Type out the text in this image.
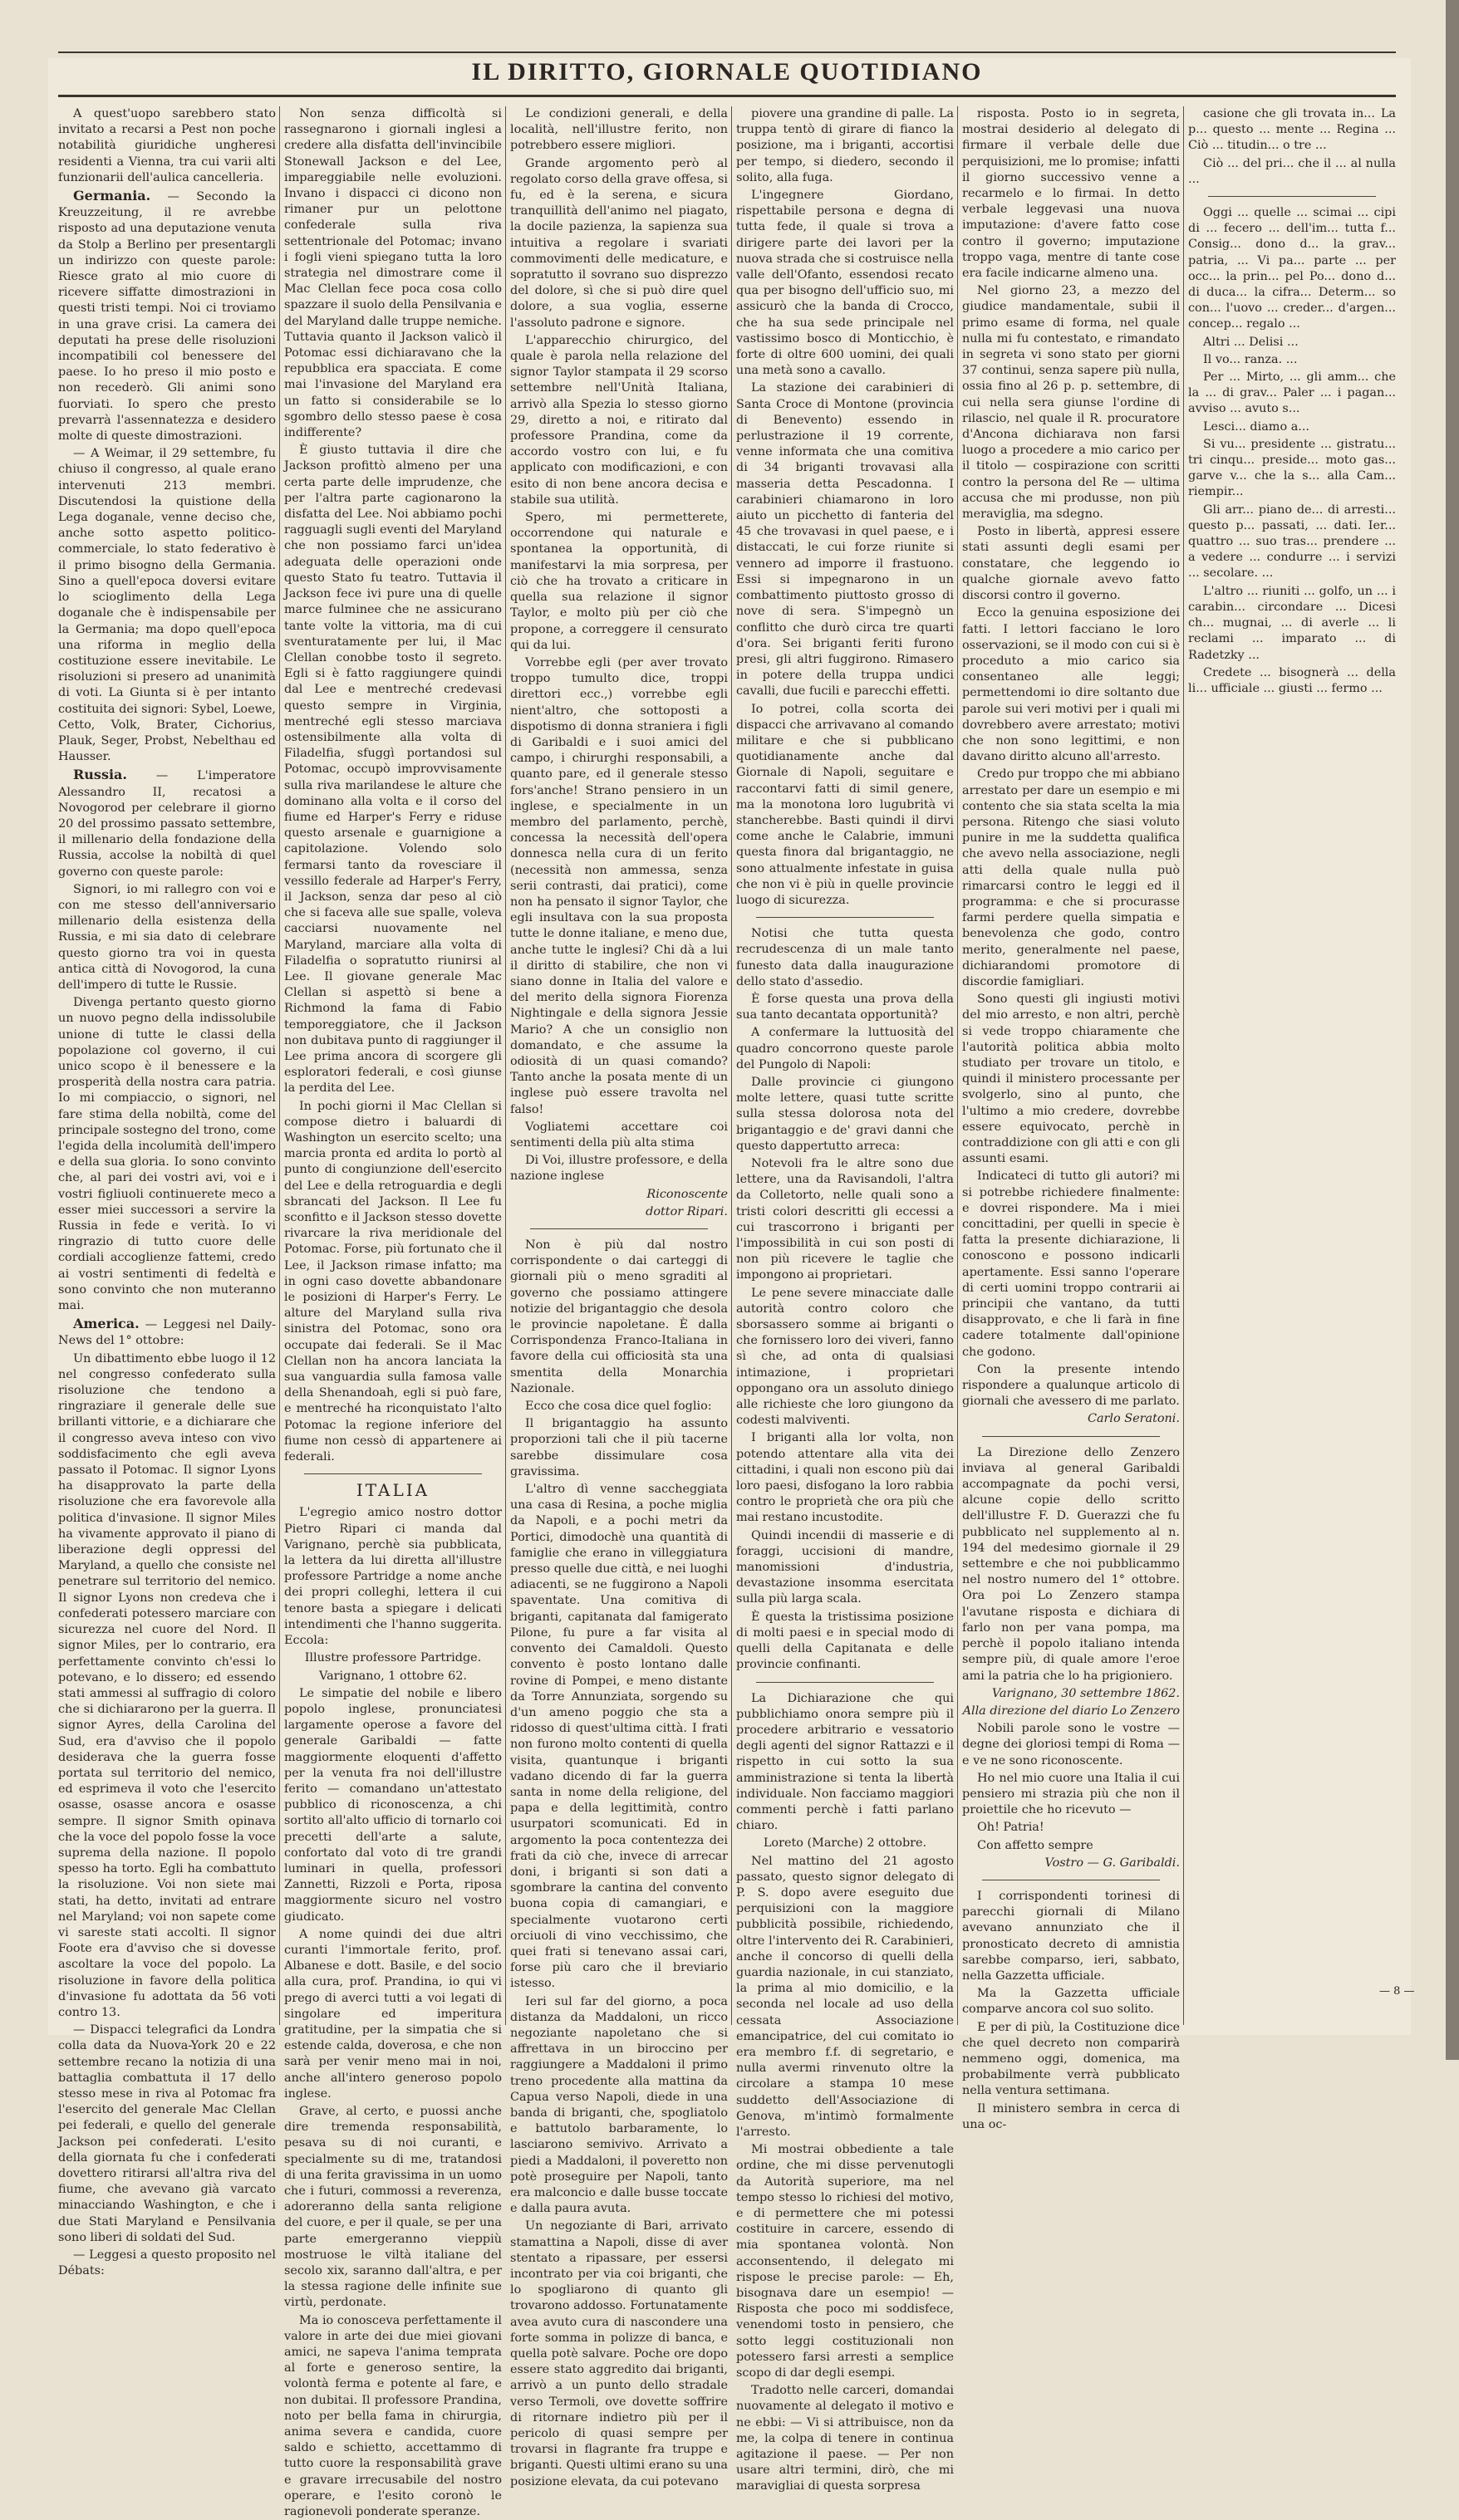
IL DIRITTO, GIORNALE QUOTIDIANO

A quest'uopo sarebbero stato invitato a recarsi a Pest non poche notabilità giuridiche ungheresi residenti a Vienna, tra cui varii alti funzionarii dell'aulica cancelleria.

Germania. — Secondo la Kreuzzeitung, il re avrebbe risposto ad una deputazione venuta da Stolp a Berlino per presentargli un indirizzo con queste parole: Riesce grato al mio cuore di ricevere siffatte dimostrazioni in questi tristi tempi. Noi ci troviamo in una grave crisi. La camera dei deputati ha prese delle risoluzioni incompatibili col benessere del paese. Io ho preso il mio posto e non recederò. Gli animi sono fuorviati. Io spero che presto prevarrà l'assennatezza e desidero molte di queste dimostrazioni.

— A Weimar, il 29 settembre, fu chiuso il congresso, al quale erano intervenuti 213 membri. Discutendosi la quistione della Lega doganale, venne deciso che, anche sotto aspetto politico-commerciale, lo stato federativo è il primo bisogno della Germania. Sino a quell'epoca doversi evitare lo scioglimento della Lega doganale che è indispensabile per la Germania; ma dopo quell'epoca una riforma in meglio della costituzione essere inevitabile. Le risoluzioni si presero ad unanimità di voti. La Giunta si è per intanto costituita dei signori: Sybel, Loewe, Cetto, Volk, Brater, Cichorius, Plauk, Seger, Probst, Nebelthau ed Hausser.

Russia. — L'imperatore Alessandro II, recatosi a Novogorod per celebrare il giorno 20 del prossimo passato settembre, il millenario della fondazione della Russia, accolse la nobiltà di quel governo con queste parole:

Signori, io mi rallegro con voi e con me stesso dell'anniversario millenario della esistenza della Russia, e mi sia dato di celebrare questo giorno tra voi in questa antica città di Novogorod, la cuna dell'impero di tutte le Russie.

Divenga pertanto questo giorno un nuovo pegno della indissolubile unione di tutte le classi della popolazione col governo, il cui unico scopo è il benessere e la prosperità della nostra cara patria. Io mi compiaccio, o signori, nel fare stima della nobiltà, come del principale sostegno del trono, come l'egida della incolumità dell'impero e della sua gloria. Io sono convinto che, al pari dei vostri avi, voi e i vostri figliuoli continuerete meco a esser miei successori a servire la Russia in fede e verità. Io vi ringrazio di tutto cuore delle cordiali accoglienze fattemi, credo ai vostri sentimenti di fedeltà e sono convinto che non muteranno mai.

America. — Leggesi nel Daily-News del 1° ottobre:

Un dibattimento ebbe luogo il 12 nel congresso confederato sulla risoluzione che tendono a ringraziare il generale delle sue brillanti vittorie, e a dichiarare che il congresso aveva inteso con vivo soddisfacimento che egli aveva passato il Potomac. Il signor Lyons ha disapprovato la parte della risoluzione che era favorevole alla politica d'invasione. Il signor Miles ha vivamente approvato il piano di liberazione degli oppressi del Maryland, a quello che consiste nel penetrare sul territorio del nemico. Il signor Lyons non credeva che i confederati potessero marciare con sicurezza nel cuore del Nord. Il signor Miles, per lo contrario, era perfettamente convinto ch'essi lo potevano, e lo dissero; ed essendo stati ammessi al suffragio di coloro che si dichiararono per la guerra. Il signor Ayres, della Carolina del Sud, era d'avviso che il popolo desiderava che la guerra fosse portata sul territorio del nemico, ed esprimeva il voto che l'esercito osasse, osasse ancora e osasse sempre. Il signor Smith opinava che la voce del popolo fosse la voce suprema della nazione. Il popolo spesso ha torto. Egli ha combattuto la risoluzione. Voi non siete mai stati, ha detto, invitati ad entrare nel Maryland; voi non sapete come vi sareste stati accolti. Il signor Foote era d'avviso che si dovesse ascoltare la voce del popolo. La risoluzione in favore della politica d'invasione fu adottata da 56 voti contro 13.

— Dispacci telegrafici da Londra colla data da Nuova-York 20 e 22 settembre recano la notizia di una battaglia combattuta il 17 dello stesso mese in riva al Potomac fra l'esercito del generale Mac Clellan pei federali, e quello del generale Jackson pei confederati. L'esito della giornata fu che i confederati dovettero ritirarsi all'altra riva del fiume, che avevano già varcato minacciando Washington, e che i due Stati Maryland e Pensilvania sono liberi di soldati del Sud.

— Leggesi a questo proposito nel Débats:

Non senza difficoltà si rassegnarono i giornali inglesi a credere alla disfatta dell'invincibile Stonewall Jackson e del Lee, impareggiabile nelle evoluzioni. Invano i dispacci ci dicono non rimaner pur un pelottone confederale sulla riva settentrionale del Potomac; invano i fogli vieni spiegano tutta la loro strategia nel dimostrare come il Mac Clellan fece poca cosa collo spazzare il suolo della Pensilvania e del Maryland dalle truppe nemiche. Tuttavia quanto il Jackson valicò il Potomac essi dichiaravano che la repubblica era spacciata. E come mai l'invasione del Maryland era un fatto si considerabile se lo sgombro dello stesso paese è cosa indifferente?

È giusto tuttavia il dire che Jackson profittò almeno per una certa parte delle imprudenze, che per l'altra parte cagionarono la disfatta del Lee. Noi abbiamo pochi ragguagli sugli eventi del Maryland che non possiamo farci un'idea adeguata delle operazioni onde questo Stato fu teatro. Tuttavia il Jackson fece ivi pure una di quelle marce fulminee che ne assicurano tante volte la vittoria, ma di cui sventuratamente per lui, il Mac Clellan conobbe tosto il segreto. Egli si è fatto raggiungere quindi dal Lee e mentreché credevasi questo sempre in Virginia, mentreché egli stesso marciava ostensibilmente alla volta di Filadelfia, sfuggì portandosi sul Potomac, occupò improvvisamente sulla riva marilandese le alture che dominano alla volta e il corso del fiume ed Harper's Ferry e riduse questo arsenale e guarnigione a capitolazione. Volendo solo fermarsi tanto da rovesciare il vessillo federale ad Harper's Ferry, il Jackson, senza dar peso al ciò che si faceva alle sue spalle, voleva cacciarsi nuovamente nel Maryland, marciare alla volta di Filadelfia o sopratutto riunirsi al Lee. Il giovane generale Mac Clellan si aspettò si bene a Richmond la fama di Fabio temporeggiatore, che il Jackson non dubitava punto di raggiunger il Lee prima ancora di scorgere gli esploratori federali, e così giunse la perdita del Lee.

In pochi giorni il Mac Clellan si compose dietro i baluardi di Washington un esercito scelto; una marcia pronta ed ardita lo portò al punto di congiunzione dell'esercito del Lee e della retroguardia e degli sbrancati del Jackson. Il Lee fu sconfitto e il Jackson stesso dovette rivarcare la riva meridionale del Potomac. Forse, più fortunato che il Lee, il Jackson rimase infatto; ma in ogni caso dovette abbandonare le posizioni di Harper's Ferry. Le alture del Maryland sulla riva sinistra del Potomac, sono ora occupate dai federali. Se il Mac Clellan non ha ancora lanciata la sua vanguardia sulla famosa valle della Shenandoah, egli si può fare, e mentreché ha riconquistato l'alto Potomac la regione inferiore del fiume non cessò di appartenere ai federali.

ITALIA

L'egregio amico nostro dottor Pietro Ripari ci manda dal Varignano, perchè sia pubblicata, la lettera da lui diretta all'illustre professore Partridge a nome anche dei propri colleghi, lettera il cui tenore basta a spiegare i delicati intendimenti che l'hanno suggerita. Eccola:

Illustre professore Partridge.

Varignano, 1 ottobre 62.

Le simpatie del nobile e libero popolo inglese, pronunciatesi largamente operose a favore del generale Garibaldi — fatte maggiormente eloquenti d'affetto per la venuta fra noi dell'illustre ferito — comandano un'attestato pubblico di riconoscenza, a chi sortito all'alto ufficio di tornarlo coi precetti dell'arte a salute, confortato dal voto di tre grandi luminari in quella, professori Zannetti, Rizzoli e Porta, riposa maggiormente sicuro nel vostro giudicato.

A nome quindi dei due altri curanti l'immortale ferito, prof. Albanese e dott. Basile, e del socio alla cura, prof. Prandina, io qui vi prego di averci tutti a voi legati di singolare ed imperitura gratitudine, per la simpatia che si estende calda, doverosa, e che non sarà per venir meno mai in noi, anche all'intero generoso popolo inglese.

Grave, al certo, e puossi anche dire tremenda responsabilità, pesava su di noi curanti, e specialmente su di me, tratandosi di una ferita gravissima in un uomo che i futuri, commossi a reverenza, adoreranno della santa religione del cuore, e per il quale, se per una parte emergeranno vieppiù mostruose le viltà italiane del secolo xix, saranno dall'altra, e per la stessa ragione delle infinite sue virtù, perdonate.

Ma io conosceva perfettamente il valore in arte dei due miei giovani amici, ne sapeva l'anima temprata al forte e generoso sentire, la volontà ferma e potente al fare, e non dubitai. Il professore Prandina, noto per bella fama in chirurgia, anima severa e candida, cuore saldo e schietto, accettammo di tutto cuore la responsabilità grave e gravare irrecusabile del nostro operare, e l'esito coronò le ragionevoli ponderate speranze.

Le condizioni generali, e della località, nell'illustre ferito, non potrebbero essere migliori.

Grande argomento però al regolato corso della grave offesa, si fu, ed è la serena, e sicura tranquillità dell'animo nel piagato, la docile pazienza, la sapienza sua intuitiva a regolare i svariati commovimenti delle medicature, e sopratutto il sovrano suo disprezzo del dolore, sì che si può dire quel dolore, a sua voglia, esserne l'assoluto padrone e signore.

L'apparecchio chirurgico, del quale è parola nella relazione del signor Taylor stampata il 29 scorso settembre nell'Unità Italiana, arrivò alla Spezia lo stesso giorno 29, diretto a noi, e ritirato dal professore Prandina, come da accordo vostro con lui, e fu applicato con modificazioni, e con esito di non bene ancora decisa e stabile sua utilità.

Spero, mi permetterete, occorrendone qui naturale e spontanea la opportunità, di manifestarvi la mia sorpresa, per ciò che ha trovato a criticare in quella sua relazione il signor Taylor, e molto più per ciò che propone, a correggere il censurato qui da lui.

Vorrebbe egli (per aver trovato troppo tumulto dice, troppi direttori ecc.,) vorrebbe egli nient'altro, che sottoposti a dispotismo di donna straniera i figli di Garibaldi e i suoi amici del campo, i chirurghi responsabili, a quanto pare, ed il generale stesso fors'anche! Strano pensiero in un inglese, e specialmente in un membro del parlamento, perchè, concessa la necessità dell'opera donnesca nella cura di un ferito (necessità non ammessa, senza serii contrasti, dai pratici), come non ha pensato il signor Taylor, che egli insultava con la sua proposta tutte le donne italiane, e meno due, anche tutte le inglesi? Chi dà a lui il diritto di stabilire, che non vi siano donne in Italia del valore e del merito della signora Fiorenza Nightingale e della signora Jessie Mario? A che un consiglio non domandato, e che assume la odiosità di un quasi comando? Tanto anche la posata mente di un inglese può essere travolta nel falso!

Vogliatemi accettare coi sentimenti della più alta stima

Di Voi, illustre professore, e della nazione inglese

Riconoscente

dottor Ripari.

Non è più dal nostro corrispondente o dai carteggi di giornali più o meno sgraditi al governo che possiamo attingere notizie del brigantaggio che desola le provincie napoletane. È dalla Corrispondenza Franco-Italiana in favore della cui officiosità sta una smentita della Monarchia Nazionale.

Ecco che cosa dice quel foglio:

Il brigantaggio ha assunto proporzioni tali che il più tacerne sarebbe dissimulare cosa gravissima.

L'altro dì venne saccheggiata una casa di Resina, a poche miglia da Napoli, e a pochi metri da Portici, dimodochè una quantità di famiglie che erano in villeggiatura presso quelle due città, e nei luoghi adiacenti, se ne fuggirono a Napoli spaventate. Una comitiva di briganti, capitanata dal famigerato Pilone, fu pure a far visita al convento dei Camaldoli. Questo convento è posto lontano dalle rovine di Pompei, e meno distante da Torre Annunziata, sorgendo su d'un ameno poggio che sta a ridosso di quest'ultima città. I frati non furono molto contenti di quella visita, quantunque i briganti vadano dicendo di far la guerra santa in nome della religione, del papa e della legittimità, contro usurpatori scomunicati. Ed in argomento la poca contentezza dei frati da ciò che, invece di arrecar doni, i briganti si son dati a sgombrare la cantina del convento buona copia di camangiari, e specialmente vuotarono certi orciuoli di vino vecchissimo, che quei frati si tenevano assai cari, forse più caro che il breviario istesso.

Ieri sul far del giorno, a poca distanza da Maddaloni, un ricco negoziante napoletano che si affrettava in un biroccino per raggiungere a Maddaloni il primo treno procedente alla mattina da Capua verso Napoli, diede in una banda di briganti, che, spogliatolo e battutolo barbaramente, lo lasciarono semivivo. Arrivato a piedi a Maddaloni, il poveretto non potè proseguire per Napoli, tanto era malconcio e dalle busse toccate e dalla paura avuta.

Un negoziante di Bari, arrivato stamattina a Napoli, disse di aver stentato a ripassare, per essersi incontrato per via coi briganti, che lo spogliarono di quanto gli trovarono addosso. Fortunatamente avea avuto cura di nascondere una forte somma in polizze di banca, e quella potè salvare. Poche ore dopo essere stato aggredito dai briganti, arrivò a un punto dello stradale verso Termoli, ove dovette soffrire di ritornare indietro più per il pericolo di quasi sempre per trovarsi in flagrante fra truppe e briganti. Questi ultimi erano su una posizione elevata, da cui potevano

piovere una grandine di palle. La truppa tentò di girare di fianco la posizione, ma i briganti, accortisi per tempo, si diedero, secondo il solito, alla fuga.

L'ingegnere Giordano, rispettabile persona e degna di tutta fede, il quale si trova a dirigere parte dei lavori per la nuova strada che si costruisce nella valle dell'Ofanto, essendosi recato qua per bisogno dell'ufficio suo, mi assicurò che la banda di Crocco, che ha sua sede principale nel vastissimo bosco di Monticchio, è forte di oltre 600 uomini, dei quali una metà sono a cavallo.

La stazione dei carabinieri di Santa Croce di Montone (provincia di Benevento) essendo in perlustrazione il 19 corrente, venne informata che una comitiva di 34 briganti trovavasi alla masseria detta Pescadonna. I carabinieri chiamarono in loro aiuto un picchetto di fanteria del 45 che trovavasi in quel paese, e i distaccati, le cui forze riunite si vennero ad imporre il frastuono. Essi si impegnarono in un combattimento piuttosto grosso di nove di sera. S'impegnò un conflitto che durò circa tre quarti d'ora. Sei briganti feriti furono presi, gli altri fuggirono. Rimasero in potere della truppa undici cavalli, due fucili e parecchi effetti.

Io potrei, colla scorta dei dispacci che arrivavano al comando militare e che si pubblicano quotidianamente anche dal Giornale di Napoli, seguitare e raccontarvi fatti di simil genere, ma la monotona loro lugubrità vi stancherebbe. Basti quindi il dirvi come anche le Calabrie, immuni questa finora dal brigantaggio, ne sono attualmente infestate in guisa che non vi è più in quelle provincie luogo di sicurezza.

Notisi che tutta questa recrudescenza di un male tanto funesto data dalla inaugurazione dello stato d'assedio.

È forse questa una prova della sua tanto decantata opportunità?

A confermare la luttuosità del quadro concorrono queste parole del Pungolo di Napoli:

Dalle provincie ci giungono molte lettere, quasi tutte scritte sulla stessa dolorosa nota del brigantaggio e de' gravi danni che questo dappertutto arreca:

Notevoli fra le altre sono due lettere, una da Ravisandoli, l'altra da Colletorto, nelle quali sono a tristi colori descritti gli eccessi a cui trascorrono i briganti per l'impossibilità in cui son posti di non più ricevere le taglie che impongono ai proprietari.

Le pene severe minacciate dalle autorità contro coloro che sborsassero somme ai briganti o che fornissero loro dei viveri, fanno sì che, ad onta di qualsiasi intimazione, i proprietari oppongano ora un assoluto diniego alle richieste che loro giungono da codesti malviventi.

I briganti alla lor volta, non potendo attentare alla vita dei cittadini, i quali non escono più dai loro paesi, disfogano la loro rabbia contro le proprietà che ora più che mai restano incustodite.

Quindi incendii di masserie e di foraggi, uccisioni di mandre, manomissioni d'industria, devastazione insomma esercitata sulla più larga scala.

È questa la tristissima posizione di molti paesi e in special modo di quelli della Capitanata e delle provincie confinanti.

La Dichiarazione che qui pubblichiamo onora sempre più il procedere arbitrario e vessatorio degli agenti del signor Rattazzi e il rispetto in cui sotto la sua amministrazione si tenta la libertà individuale. Non facciamo maggiori commenti perchè i fatti parlano chiaro.

Loreto (Marche) 2 ottobre.

Nel mattino del 21 agosto passato, questo signor delegato di P. S. dopo avere eseguito due perquisizioni con la maggiore pubblicità possibile, richiedendo, oltre l'intervento dei R. Carabinieri, anche il concorso di quelli della guardia nazionale, in cui stanziato, la prima al mio domicilio, e la seconda nel locale ad uso della cessata Associazione emancipatrice, del cui comitato io era membro f.f. di segretario, e nulla avermi rinvenuto oltre la circolare a stampa 10 mese suddetto dell'Associazione di Genova, m'intimò formalmente l'arresto.

Mi mostrai obbediente a tale ordine, che mi disse pervenutogli da Autorità superiore, ma nel tempo stesso lo richiesi del motivo, e di permettere che mi potessi costituire in carcere, essendo di mia spontanea volontà. Non acconsentendo, il delegato mi rispose le precise parole: — Eh, bisognava dare un esempio! — Risposta che poco mi soddisfece, venendomi tosto in pensiero, che sotto leggi costituzionali non potessero farsi arresti a semplice scopo di dar degli esempi.

Tradotto nelle carceri, domandai nuovamente al delegato il motivo e ne ebbi: — Vi si attribuisce, non da me, la colpa di tenere in continua agitazione il paese. — Per non usare altri termini, dirò, che mi maravigliai di questa sorpresa

risposta. Posto io in segreta, mostrai desiderio al delegato di firmare il verbale delle due perquisizioni, me lo promise; infatti il giorno successivo venne a recarmelo e lo firmai. In detto verbale leggevasi una nuova imputazione: d'avere fatto cose contro il governo; imputazione troppo vaga, mentre di tante cose era facile indicarne almeno una.

Nel giorno 23, a mezzo del giudice mandamentale, subii il primo esame di forma, nel quale nulla mi fu contestato, e rimandato in segreta vi sono stato per giorni 37 continui, senza sapere più nulla, ossia fino al 26 p. p. settembre, di cui nella sera giunse l'ordine di rilascio, nel quale il R. procuratore d'Ancona dichiarava non farsi luogo a procedere a mio carico per il titolo — cospirazione con scritti contro la persona del Re — ultima accusa che mi produsse, non più meraviglia, ma sdegno.

Posto in libertà, appresi essere stati assunti degli esami per constatare, che leggendo io qualche giornale avevo fatto discorsi contro il governo.

Ecco la genuina esposizione dei fatti. I lettori facciano le loro osservazioni, se il modo con cui si è proceduto a mio carico sia consentaneo alle leggi; permettendomi io dire soltanto due parole sui veri motivi per i quali mi dovrebbero avere arrestato; motivi che non sono legittimi, e non davano diritto alcuno all'arresto.

Credo pur troppo che mi abbiano arrestato per dare un esempio e mi contento che sia stata scelta la mia persona. Ritengo che siasi voluto punire in me la suddetta qualifica che avevo nella associazione, negli atti della quale nulla può rimarcarsi contro le leggi ed il programma: e che si procurasse farmi perdere quella simpatia e benevolenza che godo, contro merito, generalmente nel paese, dichiarandomi promotore di discordie famigliari.

Sono questi gli ingiusti motivi del mio arresto, e non altri, perchè si vede troppo chiaramente che l'autorità politica abbia molto studiato per trovare un titolo, e quindi il ministero processante per svolgerlo, sino al punto, che l'ultimo a mio credere, dovrebbe essere equivocato, perchè in contraddizione con gli atti e con gli assunti esami.

Indicateci di tutto gli autori? mi si potrebbe richiedere finalmente: e dovrei rispondere. Ma i miei concittadini, per quelli in specie è fatta la presente dichiarazione, li conoscono e possono indicarli apertamente. Essi sanno l'operare di certi uomini troppo contrarii ai principii che vantano, da tutti disapprovato, e che li farà in fine cadere totalmente dall'opinione che godono.

Con la presente intendo rispondere a qualunque articolo di giornali che avessero di me parlato.

Carlo Seratoni.

La Direzione dello Zenzero inviava al general Garibaldi accompagnate da pochi versi, alcune copie dello scritto dell'illustre F. D. Guerazzi che fu pubblicato nel supplemento al n. 194 del medesimo giornale il 29 settembre e che noi pubblicammo nel nostro numero del 1° ottobre. Ora poi Lo Zenzero stampa l'avutane risposta e dichiara di farlo non per vana pompa, ma perchè il popolo italiano intenda sempre più, di quale amore l'eroe ami la patria che lo ha prigioniero.

Varignano, 30 settembre 1862.

Alla direzione del diario Lo Zenzero

Nobili parole sono le vostre — degne dei gloriosi tempi di Roma — e ve ne sono riconoscente.

Ho nel mio cuore una Italia il cui pensiero mi strazia più che non il proiettile che ho ricevuto —

Oh! Patria!

Con affetto sempre

Vostro — G. Garibaldi.

I corrispondenti torinesi di parecchi giornali di Milano avevano annunziato che il pronosticato decreto di amnistia sarebbe comparso, ieri, sabbato, nella Gazzetta ufficiale.

Ma la Gazzetta ufficiale comparve ancora col suo solito.

E per di più, la Costituzione dice che quel decreto non comparirà nemmeno oggi, domenica, ma probabilmente verrà pubblicato nella ventura settimana.

Il ministero sembra in cerca di una oc-

casione che gli trovata in... La p... questo ... mente ... Regina ... Ciò ... titudin... o tre ...

Ciò ... del pri... che il ... al nulla ...

Oggi ... quelle ... scimai ... cipi di ... fecero ... dell'im... tutta f... Consig... dono d... la grav... patria, ... Vi pa... parte ... per occ... la prin... pel Po... dono d... di duca... la cifra... Determ... so con... l'uovo ... creder... d'argen... concep... regalo ...

Altri ... Delisi ...

Il vo... ranza. ...

Per ... Mirto, ... gli amm... che la ... di grav... Paler ... i pagan... avviso ... avuto s...

Lesci... diamo a...

Si vu... presidente ... gistratu... tri cinqu... preside... moto gas... garve v... che la s... alla Cam... riempir...

Gli arr... piano de... di arresti... questo p... passati, ... dati. Ier... quattro ... suo tras... prendere ... a vedere ... condurre ... i servizi ... secolare. ...

L'altro ... riuniti ... golfo, un ... i carabin... circondare ... Dicesi ch... mugnai, ... di averle ... li reclami ... imparato ... di Radetzky ...

Credete ... bisognerà ... della li... ufficiale ... giusti ... fermo ...

— 8 —
